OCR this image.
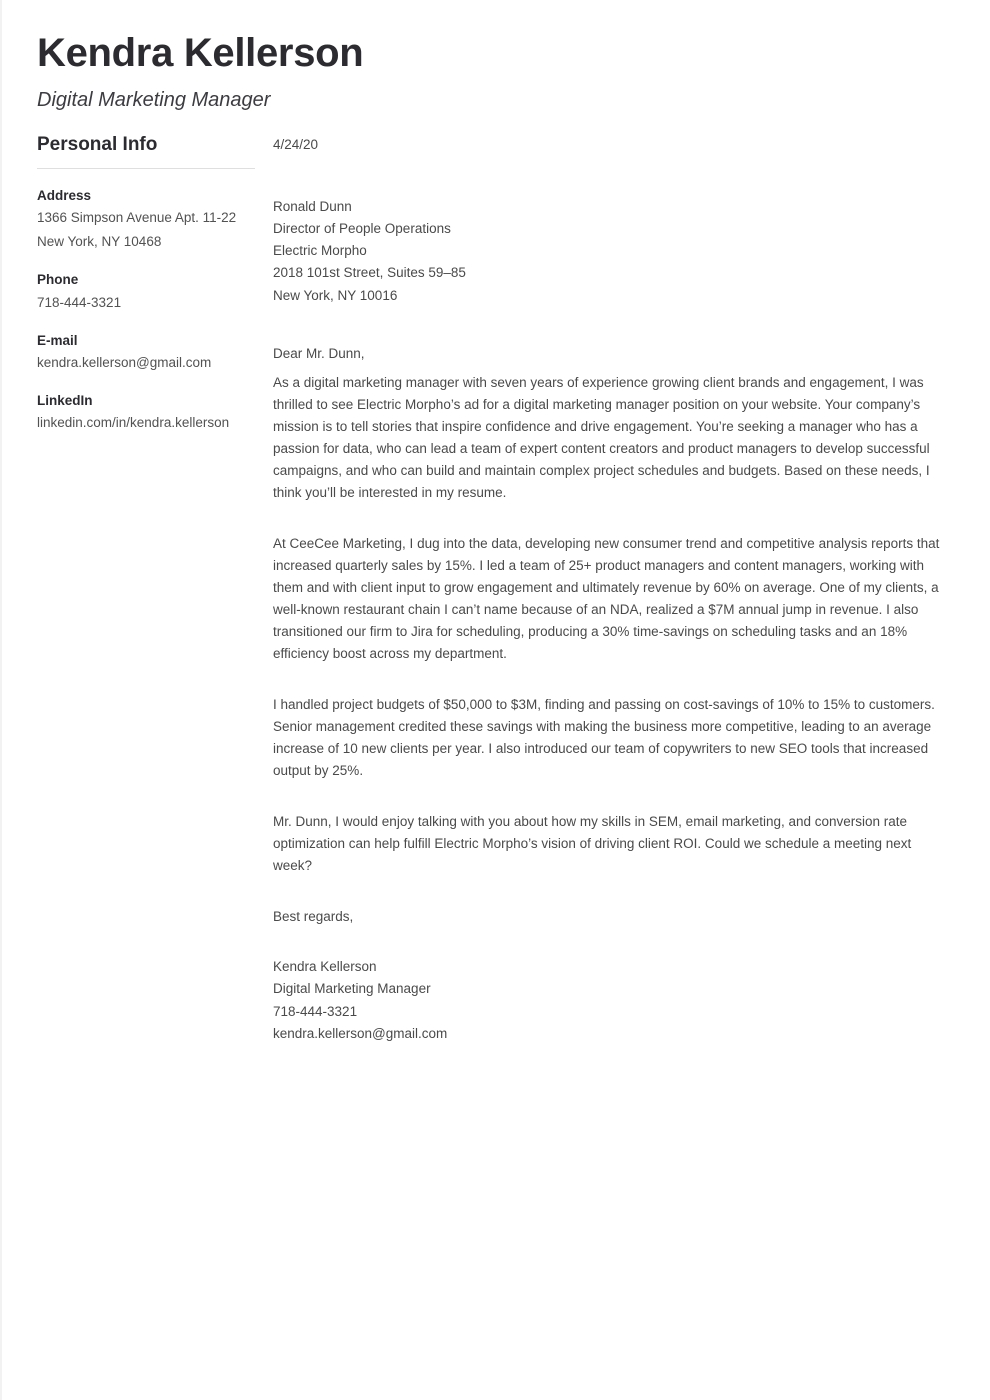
Kendra Kellerson
Digital Marketing Manager
Personal Info
Address
1366 Simpson Avenue Apt. 11-22
New York, NY 10468
Phone
718-444-3321
E-mail
kendra.kellerson@gmail.com
LinkedIn
linkedin.com/in/kendra.kellerson
4/24/20
Ronald Dunn
Director of People Operations
Electric Morpho
2018 101st Street, Suites 59–85
New York, NY 10016

Dear Mr. Dunn,

As a digital marketing manager with seven years of experience growing client brands and engagement, I was thrilled to see Electric Morpho’s ad for a digital marketing manager position on your website. Your company’s mission is to tell stories that inspire confidence and drive engagement. You’re seeking a manager who has a passion for data, who can lead a team of expert content creators and product managers to develop successful campaigns, and who can build and maintain complex project schedules and budgets. Based on these needs, I think you’ll be interested in my resume.

At CeeCee Marketing, I dug into the data, developing new consumer trend and competitive analysis reports that increased quarterly sales by 15%. I led a team of 25+ product managers and content managers, working with them and with client input to grow engagement and ultimately revenue by 60% on average. One of my clients, a well-known restaurant chain I can’t name because of an NDA, realized a $7M annual jump in revenue. I also transitioned our firm to Jira for scheduling, producing a 30% time-savings on scheduling tasks and an 18% efficiency boost across my department.

I handled project budgets of $50,000 to $3M, finding and passing on cost-savings of 10% to 15% to customers. Senior management credited these savings with making the business more competitive, leading to an average increase of 10 new clients per year. I also introduced our team of copywriters to new SEO tools that increased output by 25%.

Mr. Dunn, I would enjoy talking with you about how my skills in SEM, email marketing, and conversion rate optimization can help fulfill Electric Morpho’s vision of driving client ROI. Could we schedule a meeting next week?

Best regards,

Kendra Kellerson
Digital Marketing Manager
718-444-3321
kendra.kellerson@gmail.com
